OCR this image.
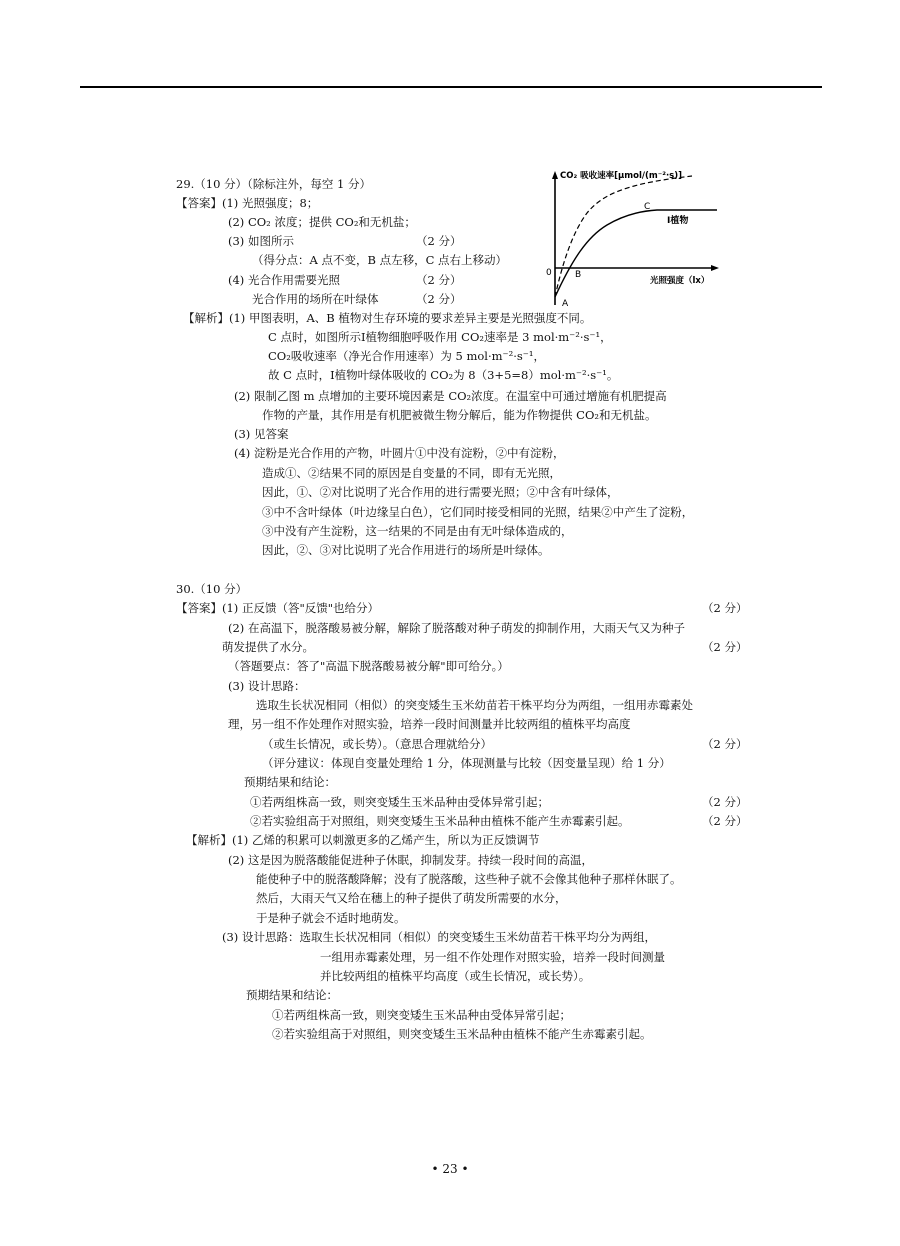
29.（10 分）（除标注外，每空 1 分）
【答案】(1) 光照强度；8；
(2) CO₂ 浓度；提供 CO₂和无机盐；
(3) 如图所示	（2 分）
（得分点：A 点不变，B 点左移，C 点右上移动）
(4) 光合作用需要光照	（2 分）
光合作用的场所在叶绿体	（2 分）
CO₂ 吸收速率[μmol/(m⁻²·s)]
光照强度（lx）
Ⅰ植物
0
A
B
C
【解析】(1) 甲图表明，A、B 植物对生存环境的要求差异主要是光照强度不同。
C 点时，如图所示Ⅰ植物细胞呼吸作用 CO₂速率是 3 mol·m⁻²·s⁻¹，
CO₂吸收速率（净光合作用速率）为 5 mol·m⁻²·s⁻¹，
故 C 点时，Ⅰ植物叶绿体吸收的 CO₂为 8（3+5=8）mol·m⁻²·s⁻¹。
(2) 限制乙图 m 点增加的主要环境因素是 CO₂浓度。在温室中可通过增施有机肥提高
作物的产量，其作用是有机肥被微生物分解后，能为作物提供 CO₂和无机盐。
(3) 见答案
(4) 淀粉是光合作用的产物，叶圆片①中没有淀粉，②中有淀粉，
造成①、②结果不同的原因是自变量的不同，即有无光照，
因此，①、②对比说明了光合作用的进行需要光照；②中含有叶绿体，
③中不含叶绿体（叶边缘呈白色），它们同时接受相同的光照，结果②中产生了淀粉，
③中没有产生淀粉，这一结果的不同是由有无叶绿体造成的，
因此，②、③对比说明了光合作用进行的场所是叶绿体。
30.（10 分）
【答案】(1) 正反馈（答"反馈"也给分）	（2 分）
(2) 在高温下，脱落酸易被分解，解除了脱落酸对种子萌发的抑制作用，大雨天气又为种子
萌发提供了水分。	（2 分）
（答题要点：答了"高温下脱落酸易被分解"即可给分。）
(3) 设计思路：
选取生长状况相同（相似）的突变矮生玉米幼苗若干株平均分为两组，一组用赤霉素处
理，另一组不作处理作对照实验，培养一段时间测量并比较两组的植株平均高度
（或生长情况，或长势）。（意思合理就给分）	（2 分）
（评分建议：体现自变量处理给 1 分，体现测量与比较（因变量呈现）给 1 分）
预期结果和结论：
①若两组株高一致，则突变矮生玉米品种由受体异常引起；	（2 分）
②若实验组高于对照组，则突变矮生玉米品种由植株不能产生赤霉素引起。	（2 分）
【解析】(1) 乙烯的积累可以刺激更多的乙烯产生，所以为正反馈调节
(2) 这是因为脱落酸能促进种子休眠，抑制发芽。持续一段时间的高温，
能使种子中的脱落酸降解；没有了脱落酸，这些种子就不会像其他种子那样休眠了。
然后，大雨天气又给在穗上的种子提供了萌发所需要的水分，
于是种子就会不适时地萌发。
(3) 设计思路：选取生长状况相同（相似）的突变矮生玉米幼苗若干株平均分为两组，
一组用赤霉素处理，另一组不作处理作对照实验，培养一段时间测量
并比较两组的植株平均高度（或生长情况，或长势）。
预期结果和结论：
①若两组株高一致，则突变矮生玉米品种由受体异常引起；
②若实验组高于对照组，则突变矮生玉米品种由植株不能产生赤霉素引起。
• 23 •
